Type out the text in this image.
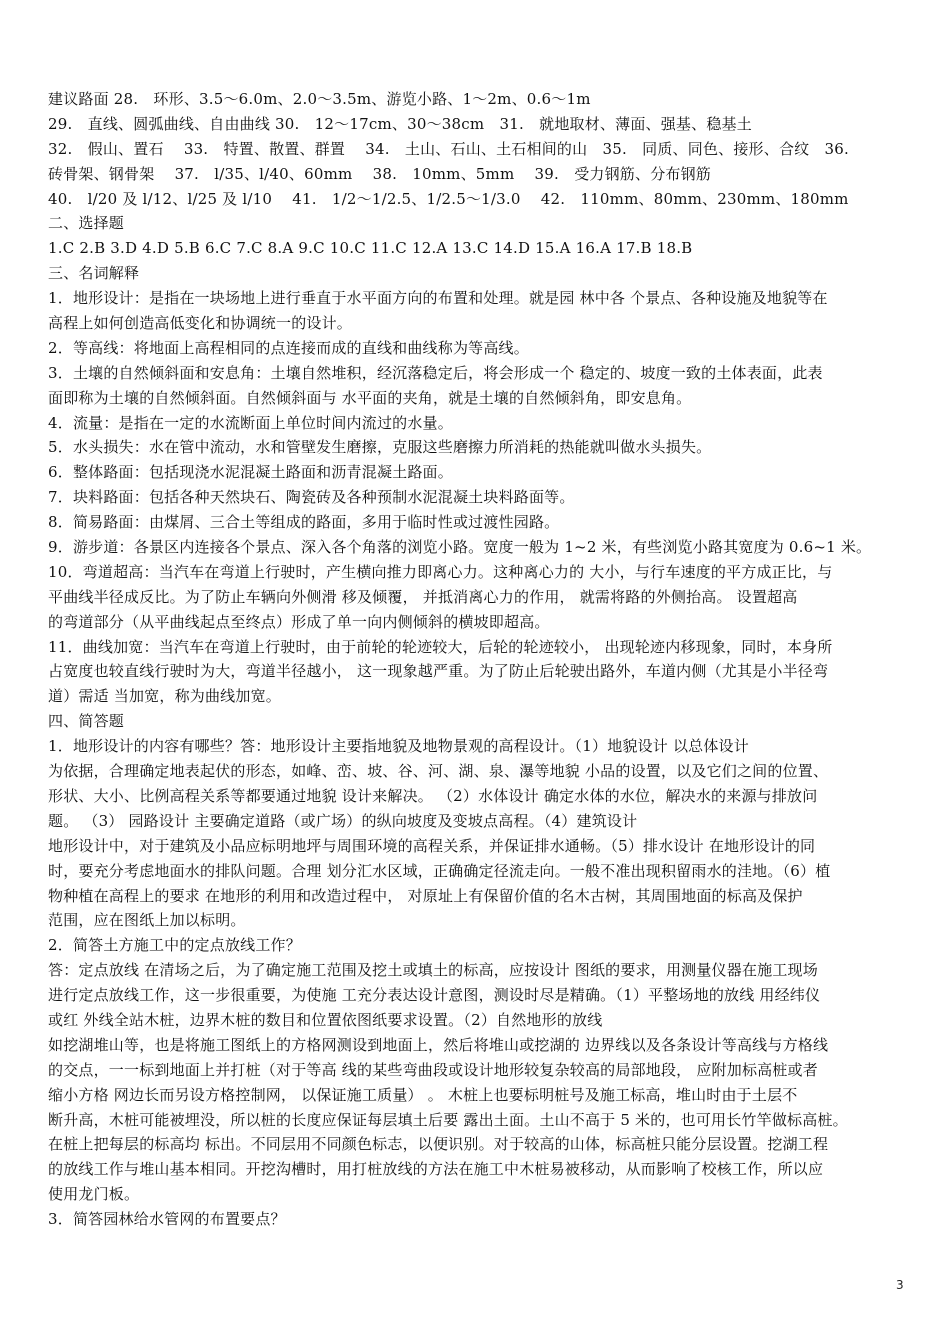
建议路面 28.　环形、3.5～6.0m、2.0～3.5m、游览小路、1～2m、0.6～1m
29.　直线、圆弧曲线、自由曲线 30.　12～17cm、30～38cm　31.　就地取材、薄面、强基、稳基土
32.　假山、置石　 33.　特置、散置、群置　 34.　土山、石山、土石相间的山　35.　同质、同色、接形、合纹　36.
砖骨架、钢骨架　 37.　l/35、l/40、60mm　 38.　10mm、5mm　 39.　受力钢筋、分布钢筋
40.　l/20 及 l/12、l/25 及 l/10　 41.　1/2～1/2.5、1/2.5～1/3.0　 42.　110mm、80mm、230mm、180mm
二、选择题
1.C 2.B 3.D 4.D 5.B 6.C 7.C 8.A 9.C 10.C 11.C 12.A 13.C 14.D 15.A 16.A 17.B 18.B
三、名词解释
1．地形设计：是指在一块场地上进行垂直于水平面方向的布置和处理。就是园 林中各 个景点、各种设施及地貌等在
高程上如何创造高低变化和协调统一的设计。
2．等高线：将地面上高程相同的点连接而成的直线和曲线称为等高线。
3．土壤的自然倾斜面和安息角：土壤自然堆积，经沉落稳定后，将会形成一个 稳定的、坡度一致的土体表面，此表
面即称为土壤的自然倾斜面。自然倾斜面与 水平面的夹角，就是土壤的自然倾斜角，即安息角。
4．流量：是指在一定的水流断面上单位时间内流过的水量。
5．水头损失：水在管中流动，水和管壁发生磨擦，克服这些磨擦力所消耗的热能就叫做水头损失。
6．整体路面：包括现浇水泥混凝土路面和沥青混凝土路面。
7．块料路面：包括各种天然块石、陶瓷砖及各种预制水泥混凝土块料路面等。
8．简易路面：由煤屑、三合土等组成的路面，多用于临时性或过渡性园路。
9．游步道：各景区内连接各个景点、深入各个角落的浏览小路。宽度一般为 1~2 米，有些浏览小路其宽度为 0.6~1 米。
10．弯道超高：当汽车在弯道上行驶时，产生横向推力即离心力。这种离心力的 大小，与行车速度的平方成正比，与
平曲线半径成反比。为了防止车辆向外侧滑 移及倾覆， 并抵消离心力的作用， 就需将路的外侧抬高。 设置超高
的弯道部分（从平曲线起点至终点）形成了单一向内侧倾斜的横坡即超高。
11．曲线加宽：当汽车在弯道上行驶时，由于前轮的轮迹较大，后轮的轮迹较小， 出现轮迹内移现象，同时，本身所
占宽度也较直线行驶时为大，弯道半径越小， 这一现象越严重。为了防止后轮驶出路外，车道内侧（尤其是小半径弯
道）需适 当加宽，称为曲线加宽。
四、简答题
1．地形设计的内容有哪些？答：地形设计主要指地貌及地物景观的高程设计。（1）地貌设计 以总体设计
为依据，合理确定地表起伏的形态，如峰、峦、坡、谷、河、湖、泉、瀑等地貌 小品的设置，以及它们之间的位置、
形状、大小、比例高程关系等都要通过地貌 设计来解决。 （2）水体设计 确定水体的水位，解决水的来源与排放问
题。 （3） 园路设计 主要确定道路（或广场）的纵向坡度及变坡点高程。（4）建筑设计
地形设计中，对于建筑及小品应标明地坪与周围环境的高程关系，并保证排水通畅。（5）排水设计 在地形设计的同
时，要充分考虑地面水的排队问题。合理 划分汇水区域，正确确定径流走向。一般不准出现积留雨水的洼地。（6）植
物种植在高程上的要求 在地形的利用和改造过程中， 对原址上有保留价值的名木古树，其周围地面的标高及保护
范围，应在图纸上加以标明。
2．简答土方施工中的定点放线工作？
答：定点放线 在清场之后，为了确定施工范围及挖土或填土的标高，应按设计 图纸的要求，用测量仪器在施工现场
进行定点放线工作，这一步很重要，为使施 工充分表达设计意图，测设时尽是精确。（1）平整场地的放线 用经纬仪
或红 外线全站木桩，边界木桩的数目和位置依图纸要求设置。（2）自然地形的放线
如挖湖堆山等，也是将施工图纸上的方格网测设到地面上，然后将堆山或挖湖的 边界线以及各条设计等高线与方格线
的交点，一一标到地面上并打桩（对于等高 线的某些弯曲段或设计地形较复杂较高的局部地段， 应附加标高桩或者
缩小方格 网边长而另设方格控制网， 以保证施工质量） 。 木桩上也要标明桩号及施工标高，堆山时由于土层不
断升高，木桩可能被埋没，所以桩的长度应保证每层填土后要 露出土面。土山不高于 5 米的，也可用长竹竿做标高桩。
在桩上把每层的标高均 标出。不同层用不同颜色标志，以便识别。对于较高的山体，标高桩只能分层设置。挖湖工程
的放线工作与堆山基本相同。开挖沟槽时，用打桩放线的方法在施工中木桩易被移动，从而影响了校核工作，所以应
使用龙门板。
3．简答园林给水管网的布置要点？
3
